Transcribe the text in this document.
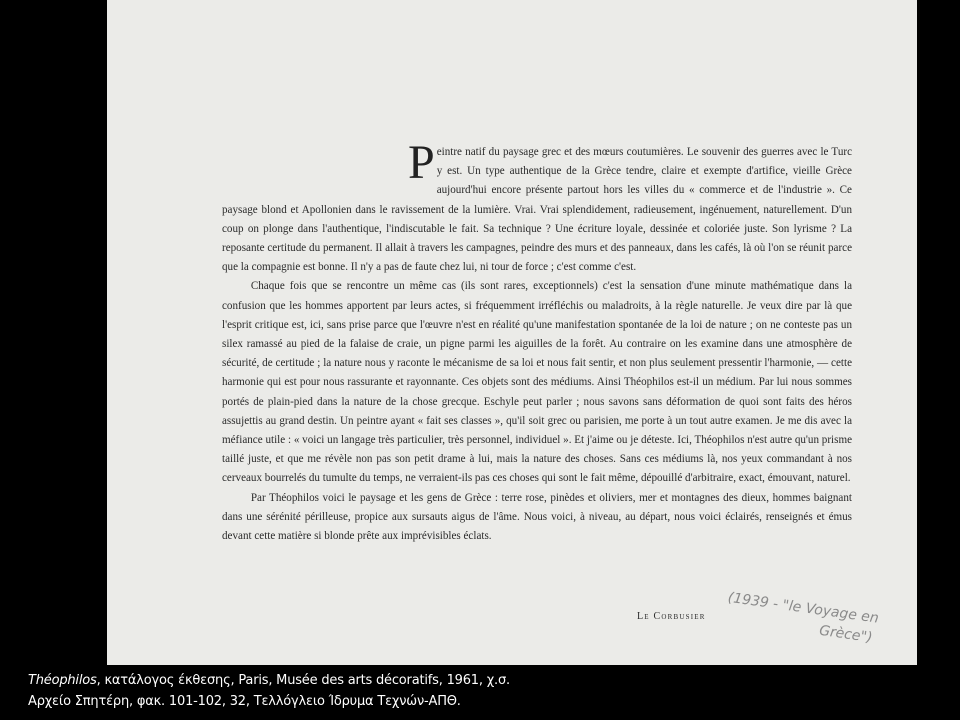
Peintre natif du paysage grec et des mœurs coutumières. Le souvenir des guerres avec le Turc y est. Un type authentique de la Grèce tendre, claire et exempte d'artifice, vieille Grèce aujourd'hui encore présente partout hors les villes du « commerce et de l'industrie ». Ce paysage blond et Apollonien dans le ravissement de la lumière. Vrai. Vrai splendidement, radieusement, ingénuement, naturellement. D'un coup on plonge dans l'authentique, l'indiscutable le fait. Sa technique ? Une écriture loyale, dessinée et coloriée juste. Son lyrisme ? La reposante certitude du permanent. Il allait à travers les campagnes, peindre des murs et des panneaux, dans les cafés, là où l'on se réunit parce que la compagnie est bonne. Il n'y a pas de faute chez lui, ni tour de force ; c'est comme c'est.

Chaque fois que se rencontre un même cas (ils sont rares, exceptionnels) c'est la sensation d'une minute mathématique dans la confusion que les hommes apportent par leurs actes, si fréquemment irréfléchis ou maladroits, à la règle naturelle. Je veux dire par là que l'esprit critique est, ici, sans prise parce que l'œuvre n'est en réalité qu'une manifestation spontanée de la loi de nature ; on ne conteste pas un silex ramassé au pied de la falaise de craie, un pigne parmi les aiguilles de la forêt. Au contraire on les examine dans une atmosphère de sécurité, de certitude ; la nature nous y raconte le mécanisme de sa loi et nous fait sentir, et non plus seulement pressentir l'harmonie, — cette harmonie qui est pour nous rassurante et rayonnante. Ces objets sont des médiums. Ainsi Théophilos est-il un médium. Par lui nous sommes portés de plain-pied dans la nature de la chose grecque. Eschyle peut parler ; nous savons sans déformation de quoi sont faits des héros assujettis au grand destin. Un peintre ayant « fait ses classes », qu'il soit grec ou parisien, me porte à un tout autre examen. Je me dis avec la méfiance utile : « voici un langage très particulier, très personnel, individuel ». Et j'aime ou je déteste. Ici, Théophilos n'est autre qu'un prisme taillé juste, et que me révèle non pas son petit drame à lui, mais la nature des choses. Sans ces médiums là, nos yeux commandant à nos cerveaux bourrelés du tumulte du temps, ne verraient-ils pas ces choses qui sont le fait même, dépouillé d'arbitraire, exact, émouvant, naturel.

Par Théophilos voici le paysage et les gens de Grèce : terre rose, pinèdes et oliviers, mer et montagnes des dieux, hommes baignant dans une sérénité périlleuse, propice aux sursauts aigus de l'âme. Nous voici, à niveau, au départ, nous voici éclairés, renseignés et émus devant cette matière si blonde prête aux imprévisibles éclats.

Le Corbusier (1939 - "le Voyage en
Grèce")
Théophilos, κατάλογος έκθεσης, Paris, Musée des arts décoratifs, 1961, χ.σ.
Αρχείο Σπητέρη, φακ. 101-102, 32, Τελλόγλειο Ίδρυμα Τεχνών-ΑΠΘ.
